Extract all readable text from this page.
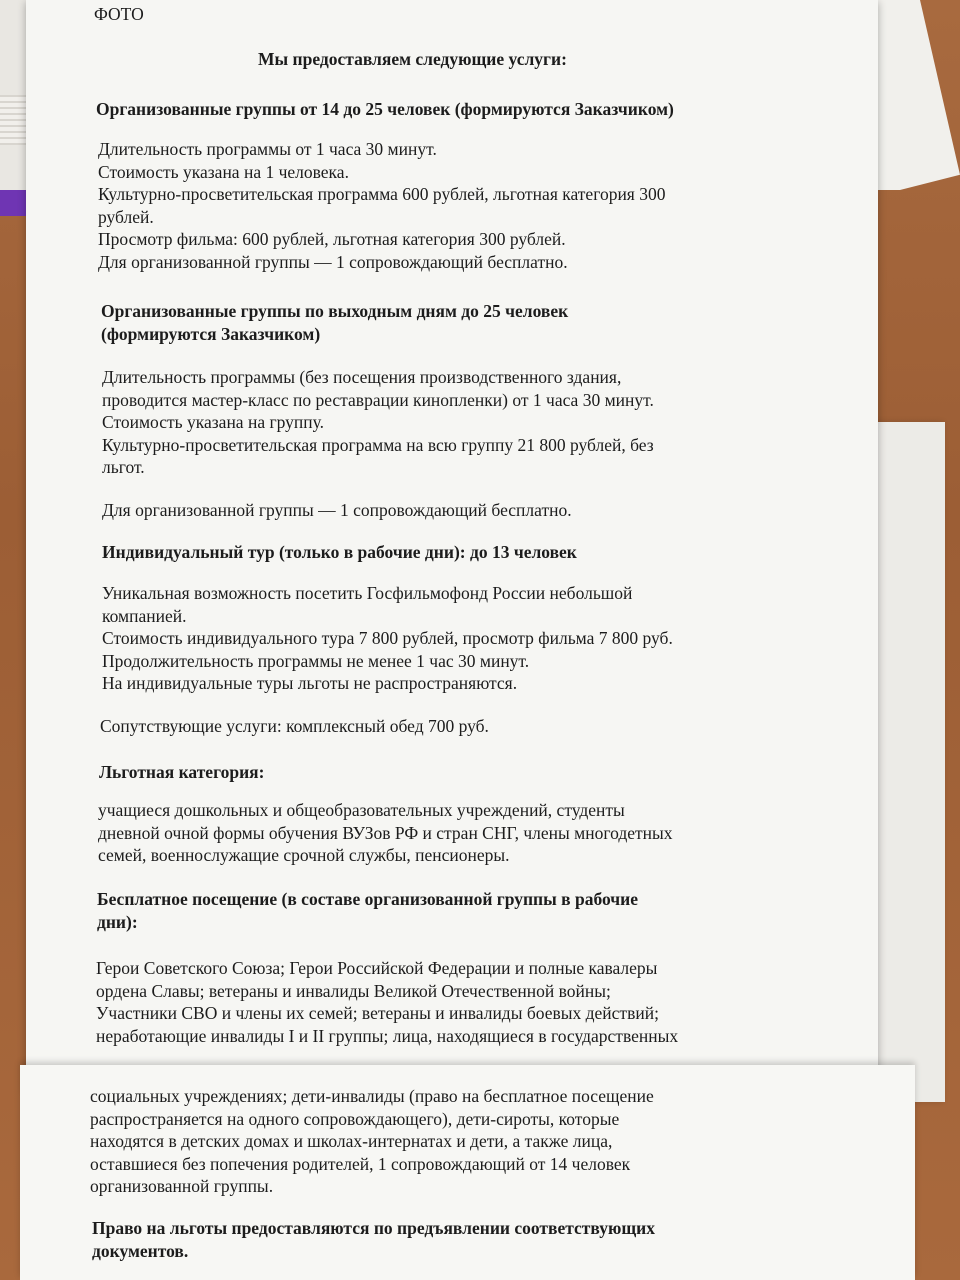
ФОТО
Мы предоставляем следующие услуги:
Организованные группы от 14 до 25 человек (формируются Заказчиком)
Длительность программы от 1 часа 30 минут.
Стоимость указана на 1 человека.
Культурно-просветительская программа 600 рублей, льготная категория 300
рублей.
Просмотр фильма: 600 рублей, льготная категория 300 рублей.
Для организованной группы — 1 сопровождающий бесплатно.
Организованные группы по выходным дням до 25 человек
(формируются Заказчиком)
Длительность программы (без посещения производственного здания,
проводится мастер-класс по реставрации кинопленки) от 1 часа 30 минут.
Стоимость указана на группу.
Культурно-просветительская программа на всю группу 21 800 рублей, без
льгот.
Для организованной группы — 1 сопровождающий бесплатно.
Индивидуальный тур (только в рабочие дни): до 13 человек
Уникальная возможность посетить Госфильмофонд России небольшой
компанией.
Стоимость индивидуального тура 7 800 рублей, просмотр фильма 7 800 руб.
Продолжительность программы не менее 1 час 30 минут.
На индивидуальные туры льготы не распространяются.
Сопутствующие услуги: комплексный обед 700 руб.
Льготная категория:
учащиеся дошкольных и общеобразовательных учреждений, студенты
дневной очной формы обучения ВУЗов РФ и стран СНГ, члены многодетных
семей, военнослужащие срочной службы, пенсионеры.
Бесплатное посещение (в составе организованной группы в рабочие
дни):
Герои Советского Союза; Герои Российской Федерации и полные кавалеры
ордена Славы; ветераны и инвалиды Великой Отечественной войны;
Участники СВО и члены их семей; ветераны и инвалиды боевых действий;
неработающие инвалиды I и II группы; лица, находящиеся в государственных
социальных учреждениях; дети-инвалиды (право на бесплатное посещение
распространяется на одного сопровождающего), дети-сироты, которые
находятся в детских домах и школах-интернатах и дети, а также лица,
оставшиеся без попечения родителей, 1 сопровождающий от 14 человек
организованной группы.
Право на льготы предоставляются по предъявлении соответствующих
документов.
